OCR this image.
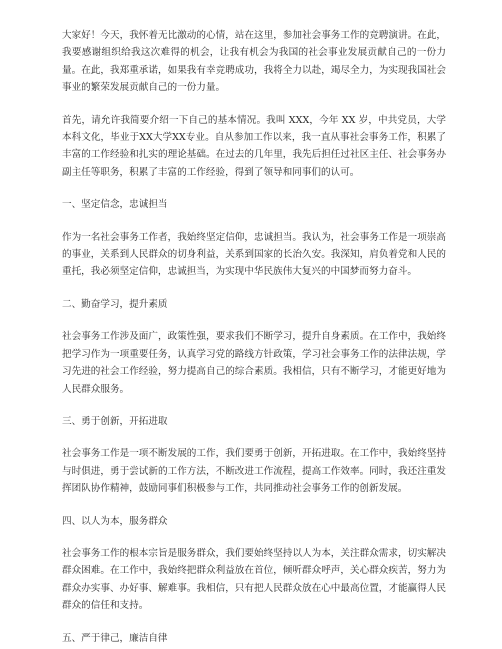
大家好！今天，我怀着无比激动的心情，站在这里，参加社会事务工作的竞聘演讲。在此，我要感谢组织给我这次难得的机会，让我有机会为我国的社会事业发展贡献自己的一份力量。在此，我郑重承诺，如果我有幸竞聘成功，我将全力以赴，竭尽全力，为实现我国社会事业的繁荣发展贡献自己的一份力量。

首先，请允许我简要介绍一下自己的基本情况。我叫 XXX，今年 XX 岁，中共党员，大学本科文化，毕业于XX大学XX专业。自从参加工作以来，我一直从事社会事务工作，积累了丰富的工作经验和扎实的理论基础。在过去的几年里，我先后担任过社区主任、社会事务办副主任等职务，积累了丰富的工作经验，得到了领导和同事们的认可。

一、坚定信念，忠诚担当

作为一名社会事务工作者，我始终坚定信仰，忠诚担当。我认为，社会事务工作是一项崇高的事业，关系到人民群众的切身利益，关系到国家的长治久安。我深知，肩负着党和人民的重托，我必须坚定信仰，忠诚担当，为实现中华民族伟大复兴的中国梦而努力奋斗。

二、勤奋学习，提升素质

社会事务工作涉及面广，政策性强，要求我们不断学习，提升自身素质。在工作中，我始终把学习作为一项重要任务，认真学习党的路线方针政策，学习社会事务工作的法律法规，学习先进的社会工作经验，努力提高自己的综合素质。我相信，只有不断学习，才能更好地为人民群众服务。

三、勇于创新，开拓进取

社会事务工作是一项不断发展的工作，我们要勇于创新，开拓进取。在工作中，我始终坚持与时俱进，勇于尝试新的工作方法，不断改进工作流程，提高工作效率。同时，我还注重发挥团队协作精神，鼓励同事们积极参与工作，共同推动社会事务工作的创新发展。

四、以人为本，服务群众

社会事务工作的根本宗旨是服务群众，我们要始终坚持以人为本，关注群众需求，切实解决群众困难。在工作中，我始终把群众利益放在首位，倾听群众呼声，关心群众疾苦，努力为群众办实事、办好事、解难事。我相信，只有把人民群众放在心中最高位置，才能赢得人民群众的信任和支持。

五、严于律己，廉洁自律
